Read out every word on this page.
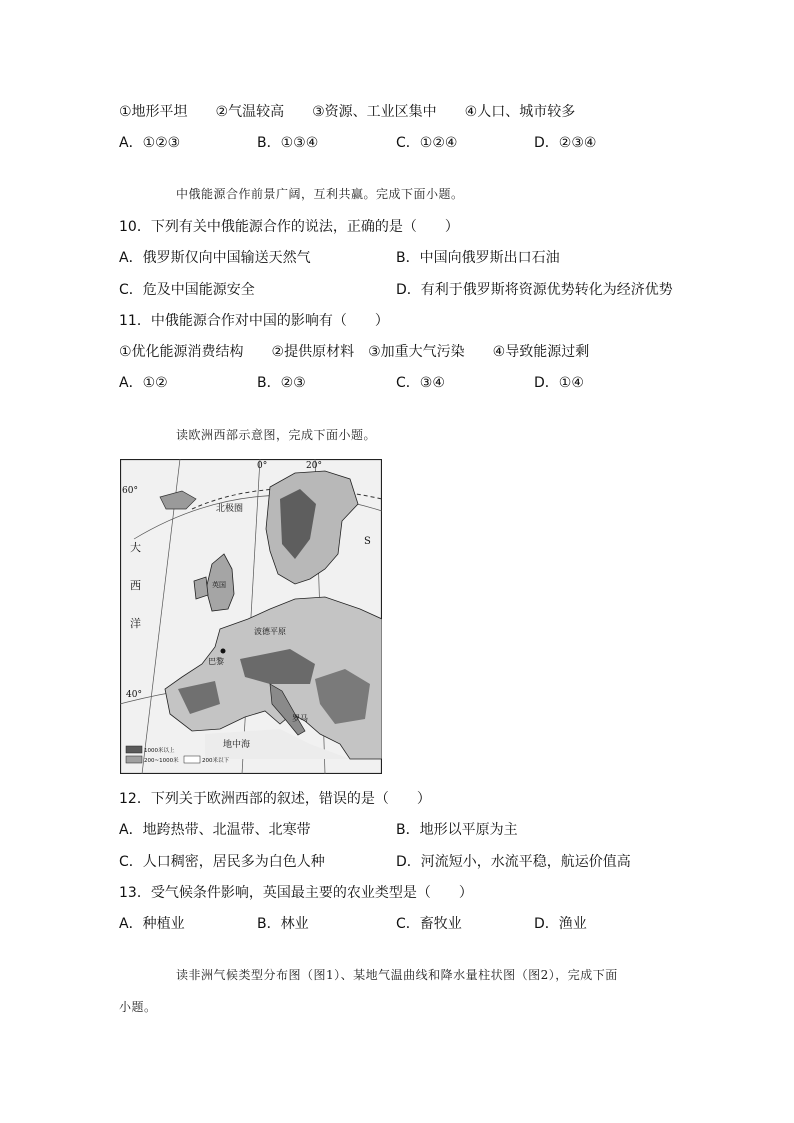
①地形平坦　　②气温较高　　③资源、工业区集中　　④人口、城市较多
A．①②③	B．①③④	C．①②④	D．②③④
中俄能源合作前景广阔，互利共赢。完成下面小题。
10．下列有关中俄能源合作的说法，正确的是（　　）
A．俄罗斯仅向中国输送天然气	B．中国向俄罗斯出口石油
C．危及中国能源安全	D．有利于俄罗斯将资源优势转化为经济优势
11．中俄能源合作对中国的影响有（　　）
①优化能源消费结构　　②提供原材料　③加重大气污染　　④导致能源过剩
A．①②	B．②③	C．③④	D．①④
读欧洲西部示意图，完成下面小题。
60°
40°
0°	20°
大
西
洋
北极圈
英国
巴黎
波德平原
罗马
地中海
S
1000米以上
200~1000米	200米以下
12．下列关于欧洲西部的叙述，错误的是（　　）
A．地跨热带、北温带、北寒带	B．地形以平原为主
C．人口稠密，居民多为白色人种	D．河流短小，水流平稳，航运价值高
13．受气候条件影响，英国最主要的农业类型是（　　）
A．种植业	B．林业	C．畜牧业	D．渔业
读非洲气候类型分布图（图1）、某地气温曲线和降水量柱状图（图2），完成下面
小题。
